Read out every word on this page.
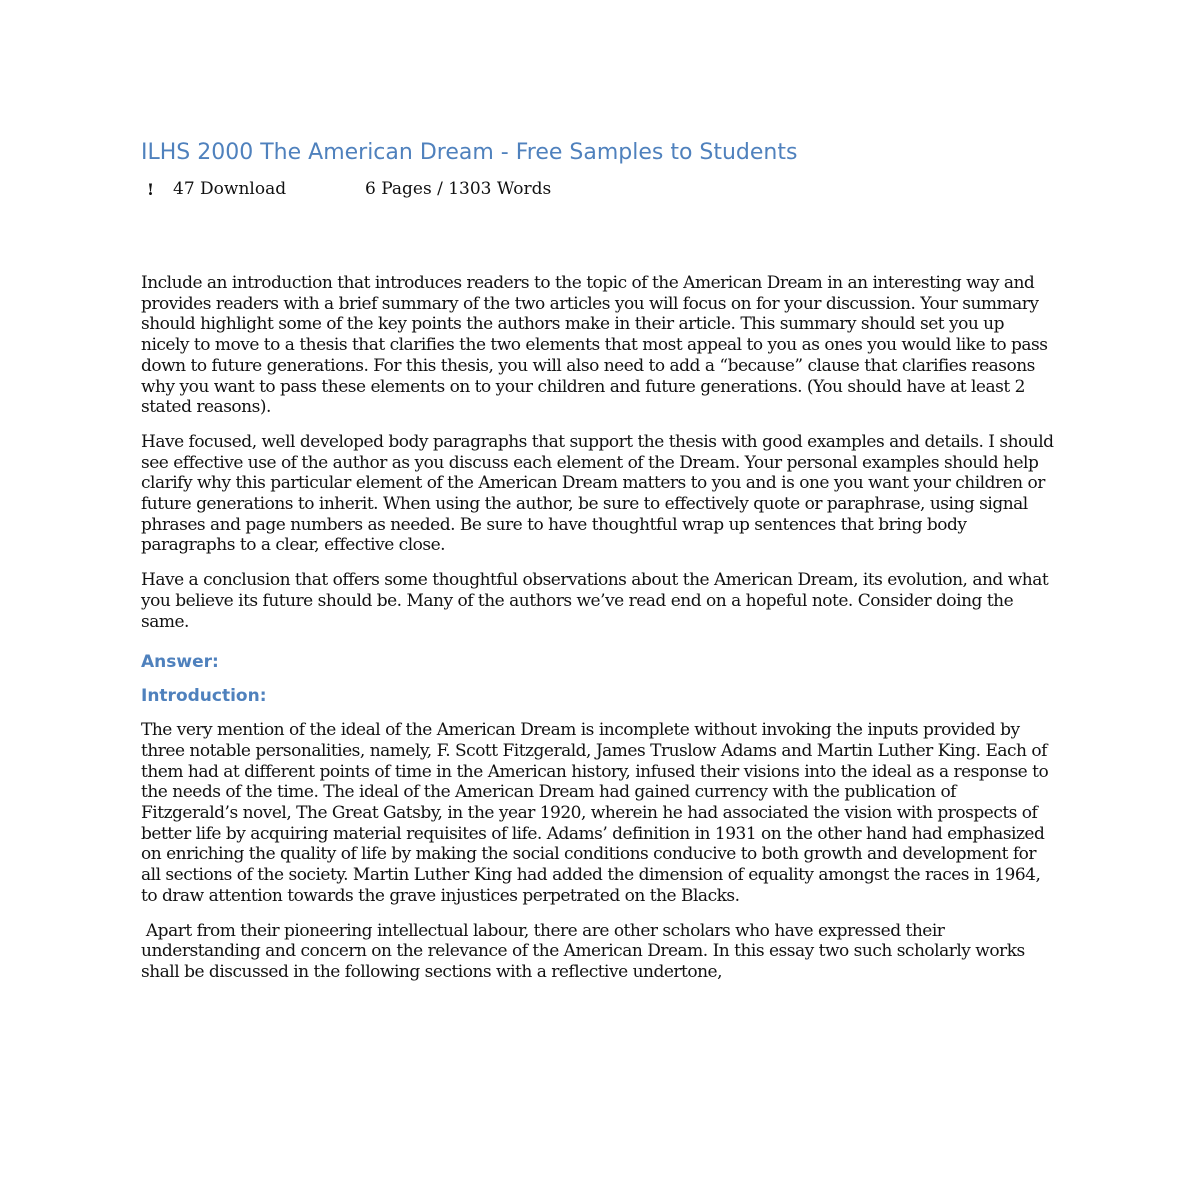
ILHS 2000 The American Dream - Free Samples to Students
!	47 Download	6 Pages / 1303 Words

Include an introduction that introduces readers to the topic of the American Dream in an interesting way and provides readers with a brief summary of the two articles you will focus on for your discussion. Your summary should highlight some of the key points the authors make in their article. This summary should set you up nicely to move to a thesis that clarifies the two elements that most appeal to you as ones you would like to pass down to future generations. For this thesis, you will also need to add a “because” clause that clarifies reasons why you want to pass these elements on to your children and future generations. (You should have at least 2 stated reasons).

Have focused, well developed body paragraphs that support the thesis with good examples and details. I should see effective use of the author as you discuss each element of the Dream. Your personal examples should help clarify why this particular element of the American Dream matters to you and is one you want your children or future generations to inherit. When using the author, be sure to effectively quote or paraphrase, using signal phrases and page numbers as needed. Be sure to have thoughtful wrap up sentences that bring body paragraphs to a clear, effective close.

Have a conclusion that offers some thoughtful observations about the American Dream, its evolution, and what you believe its future should be. Many of the authors we’ve read end on a hopeful note. Consider doing the same.

Answer:
Introduction:

The very mention of the ideal of the American Dream is incomplete without invoking the inputs provided by three notable personalities, namely, F. Scott Fitzgerald, James Truslow Adams and Martin Luther King. Each of them had at different points of time in the American history, infused their visions into the ideal as a response to the needs of the time. The ideal of the American Dream had gained currency with the publication of Fitzgerald’s novel, The Great Gatsby, in the year 1920, wherein he had associated the vision with prospects of better life by acquiring material requisites of life. Adams’ definition in 1931 on the other hand had emphasized on enriching the quality of life by making the social conditions conducive to both growth and development for all sections of the society. Martin Luther King had added the dimension of equality amongst the races in 1964, to draw attention towards the grave injustices perpetrated on the Blacks.

Apart from their pioneering intellectual labour, there are other scholars who have expressed their understanding and concern on the relevance of the American Dream. In this essay two such scholarly works shall be discussed in the following sections with a reflective undertone,
